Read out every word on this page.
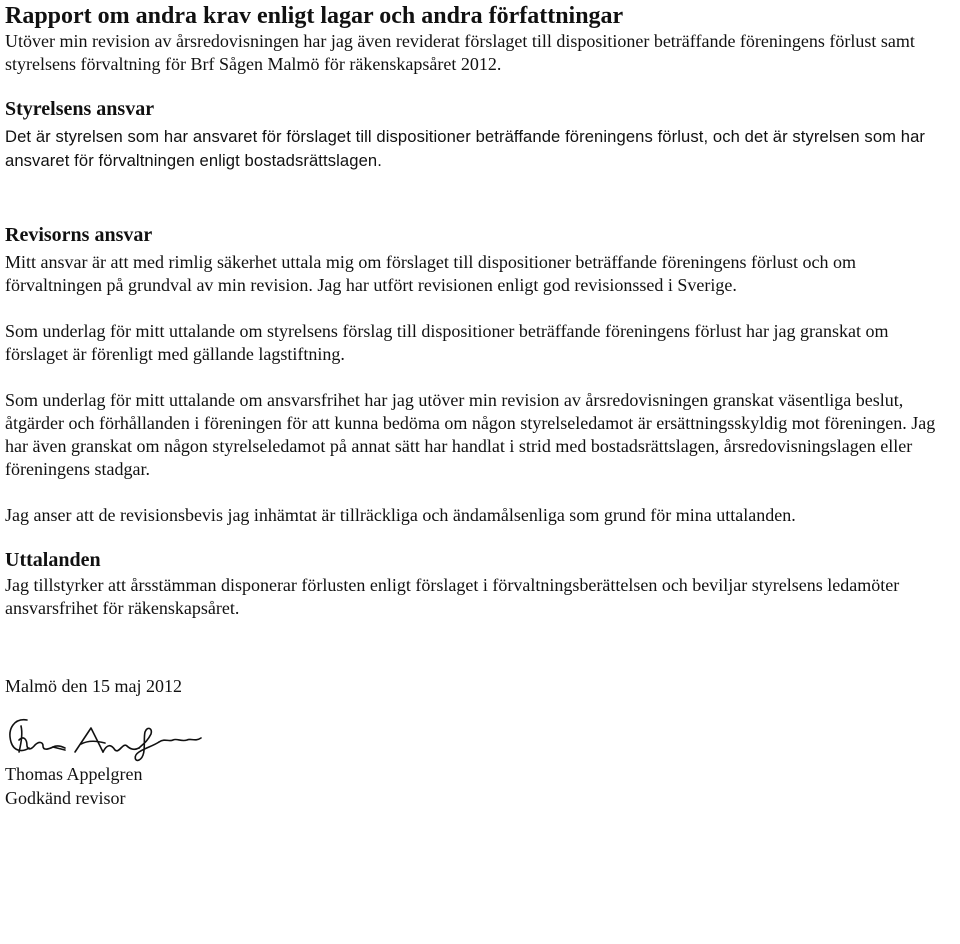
Rapport om andra krav enligt lagar och andra författningar

Utöver min revision av årsredovisningen har jag även reviderat förslaget till dispositioner beträffande föreningens förlust samt styrelsens förvaltning för Brf Sågen Malmö för räkenskapsåret 2012.

Styrelsens ansvar

Det är styrelsen som har ansvaret för förslaget till dispositioner beträffande föreningens förlust, och det är styrelsen som har ansvaret för förvaltningen enligt bostadsrättslagen.

Revisorns ansvar

Mitt ansvar är att med rimlig säkerhet uttala mig om förslaget till dispositioner beträffande föreningens förlust och om förvaltningen på grundval av min revision. Jag har utfört revisionen enligt god revisionssed i Sverige.

Som underlag för mitt uttalande om styrelsens förslag till dispositioner beträffande föreningens förlust har jag granskat om förslaget är förenligt med gällande lagstiftning.

Som underlag för mitt uttalande om ansvarsfrihet har jag utöver min revision av årsredovisningen granskat väsentliga beslut, åtgärder och förhållanden i föreningen för att kunna bedöma om någon styrelseledamot är ersättningsskyldig mot föreningen. Jag har även granskat om någon styrelseledamot på annat sätt har handlat i strid med bostadsrättslagen, årsredovisningslagen eller föreningens stadgar.

Jag anser att de revisionsbevis jag inhämtat är tillräckliga och ändamålsenliga som grund för mina uttalanden.

Uttalanden

Jag tillstyrker att årsstämman disponerar förlusten enligt förslaget i förvaltningsberättelsen och beviljar styrelsens ledamöter ansvarsfrihet för räkenskapsåret.

Malmö den 15 maj 2012

Thomas Appelgren

Godkänd revisor
